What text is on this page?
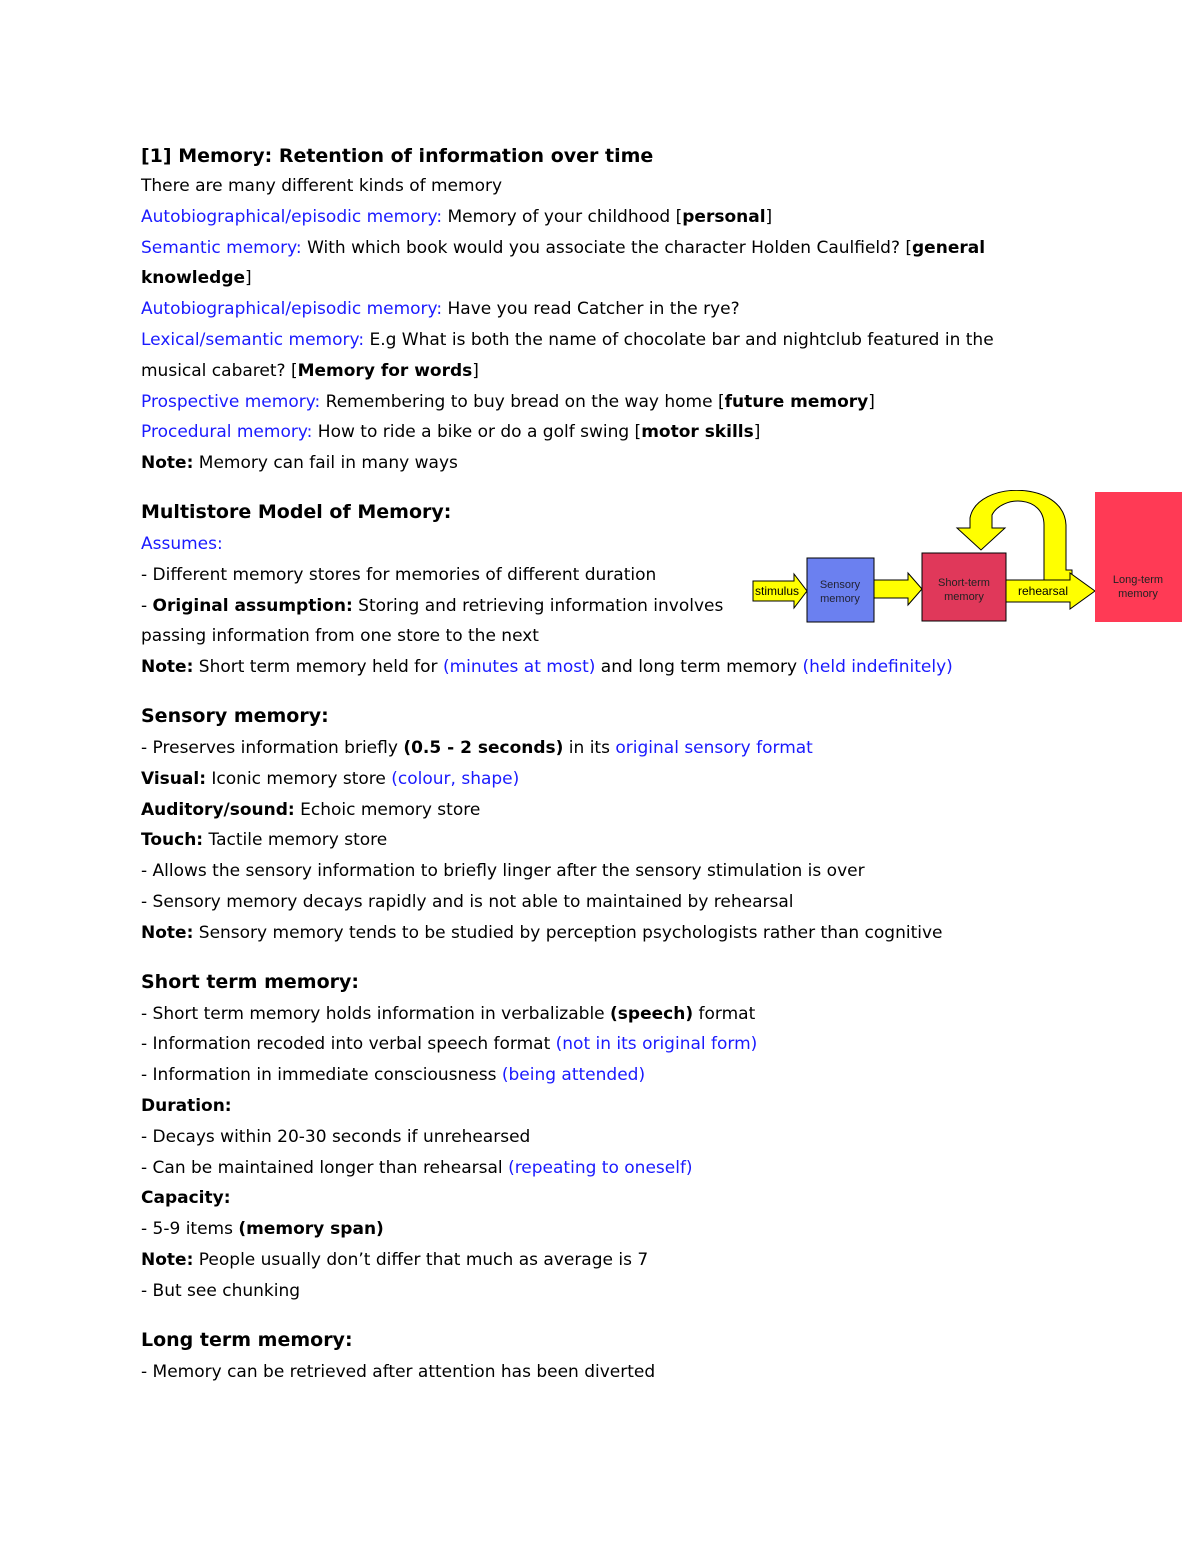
[1] Memory: Retention of information over time
There are many different kinds of memory
Autobiographical/episodic memory: Memory of your childhood [personal]
Semantic memory: With which book would you associate the character Holden Caulfield? [general knowledge]
Autobiographical/episodic memory: Have you read Catcher in the rye?
Lexical/semantic memory: E.g What is both the name of chocolate bar and nightclub featured in the musical cabaret? [Memory for words]
Prospective memory: Remembering to buy bread on the way home [future memory]
Procedural memory: How to ride a bike or do a golf swing [motor skills]
Note: Memory can fail in many ways
Multistore Model of Memory:
Assumes:
- Different memory stores for memories of different duration
- Original assumption: Storing and retrieving information involves passing information from one store to the next
Note: Short term memory held for (minutes at most) and long term memory (held indefinitely)
Sensory memory:
- Preserves information briefly (0.5 - 2 seconds) in its original sensory format
Visual: Iconic memory store (colour, shape)
Auditory/sound: Echoic memory store
Touch: Tactile memory store
- Allows the sensory information to briefly linger after the sensory stimulation is over
- Sensory memory decays rapidly and is not able to maintained by rehearsal
Note: Sensory memory tends to be studied by perception psychologists rather than cognitive
Short term memory:
- Short term memory holds information in verbalizable (speech) format
- Information recoded into verbal speech format (not in its original form)
- Information in immediate consciousness (being attended)
Duration:
- Decays within 20-30 seconds if unrehearsed
- Can be maintained longer than rehearsal (repeating to oneself)
Capacity:
- 5-9 items (memory span)
Note: People usually don’t differ that much as average is 7
- But see chunking
Long term memory:
- Memory can be retrieved after attention has been diverted
stimulus Sensory
memory
Short-term
memory	rehearsal
Long-term
memory
